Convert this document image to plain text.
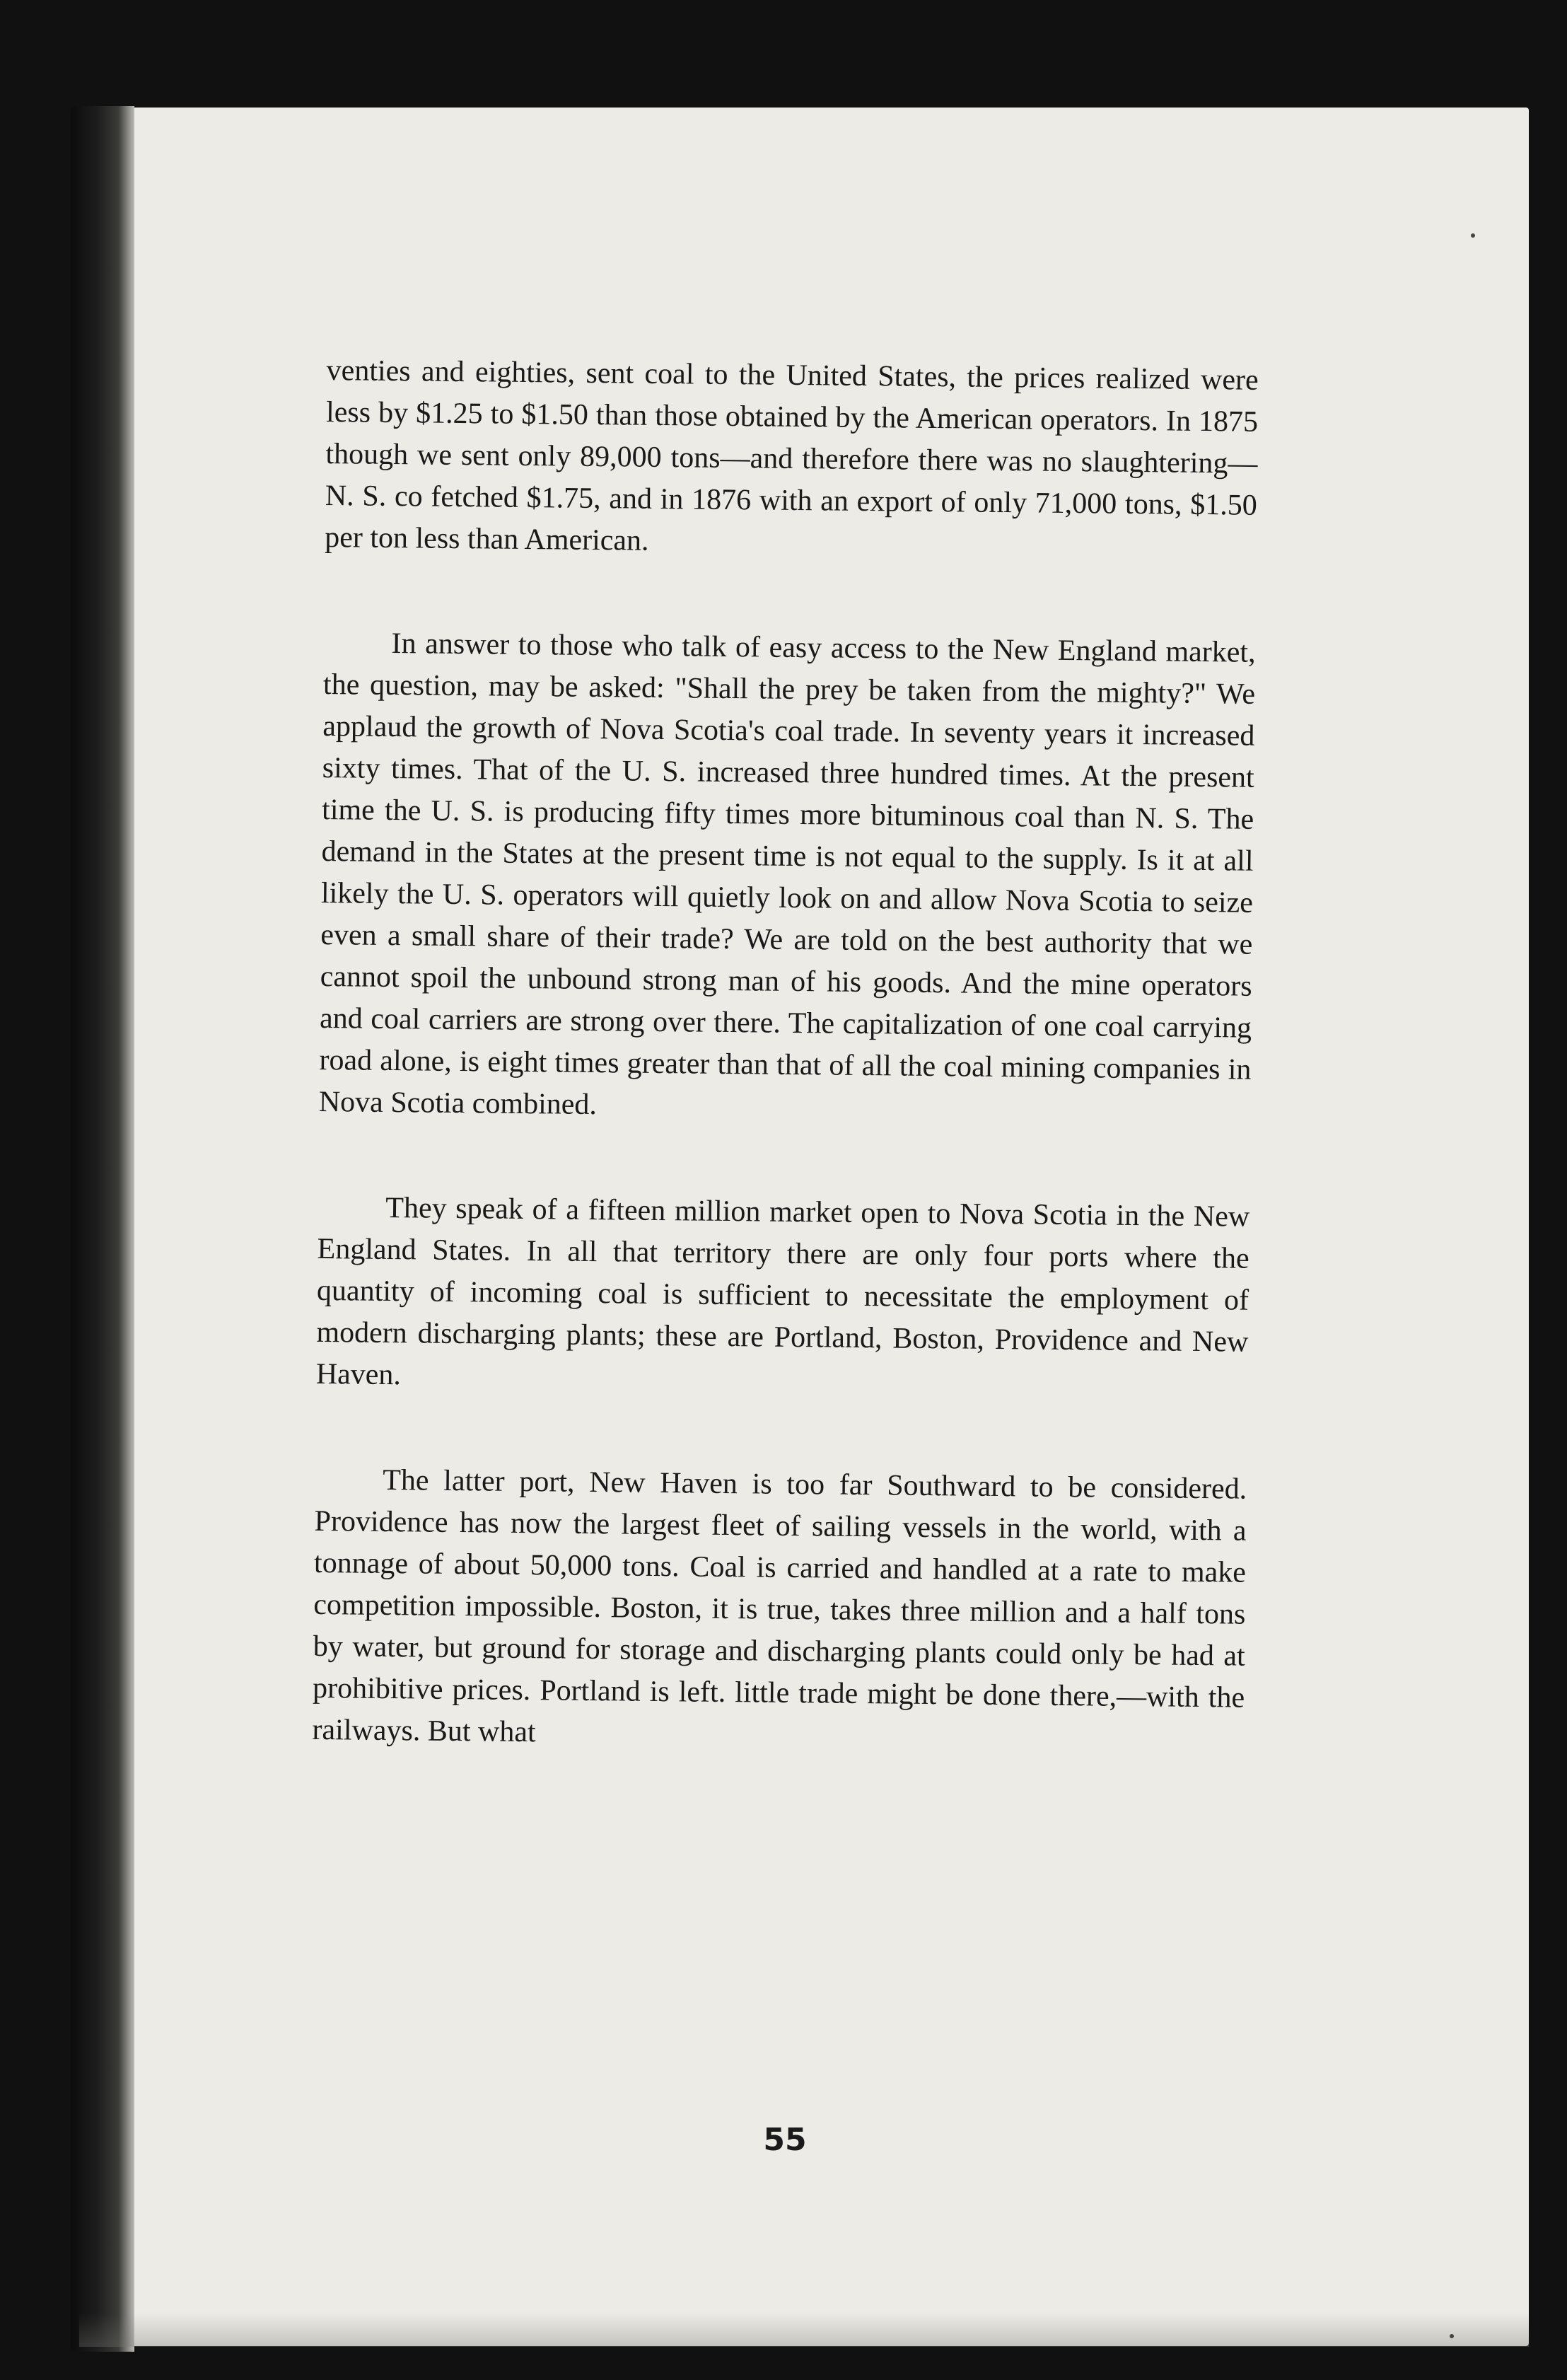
venties and eighties, sent coal to the United States, the prices realized were less by $1.25 to $1.50 than those obtained by the American operators. In 1875 though we sent only 89,000 tons—and therefore there was no slaughtering—N. S. co fetched $1.75, and in 1876 with an export of only 71,000 tons, $1.50 per ton less than American.

In answer to those who talk of easy access to the New England market, the question, may be asked: "Shall the prey be taken from the mighty?" We applaud the growth of Nova Scotia's coal trade. In seventy years it increased sixty times. That of the U. S. increased three hundred times. At the present time the U. S. is producing fifty times more bituminous coal than N. S. The demand in the States at the present time is not equal to the supply. Is it at all likely the U. S. operators will quietly look on and allow Nova Scotia to seize even a small share of their trade? We are told on the best authority that we cannot spoil the unbound strong man of his goods. And the mine operators and coal carriers are strong over there. The capitalization of one coal carrying road alone, is eight times greater than that of all the coal mining companies in Nova Scotia combined.

They speak of a fifteen million market open to Nova Scotia in the New England States. In all that territory there are only four ports where the quantity of incoming coal is sufficient to necessitate the employment of modern discharging plants; these are Portland, Boston, Providence and New Haven.

The latter port, New Haven is too far Southward to be considered. Providence has now the largest fleet of sailing vessels in the world, with a tonnage of about 50,000 tons. Coal is carried and handled at a rate to make competition impossible. Boston, it is true, takes three million and a half tons by water, but ground for storage and discharging plants could only be had at prohibitive prices. Portland is left. little trade might be done there,—with the railways. But what

55
